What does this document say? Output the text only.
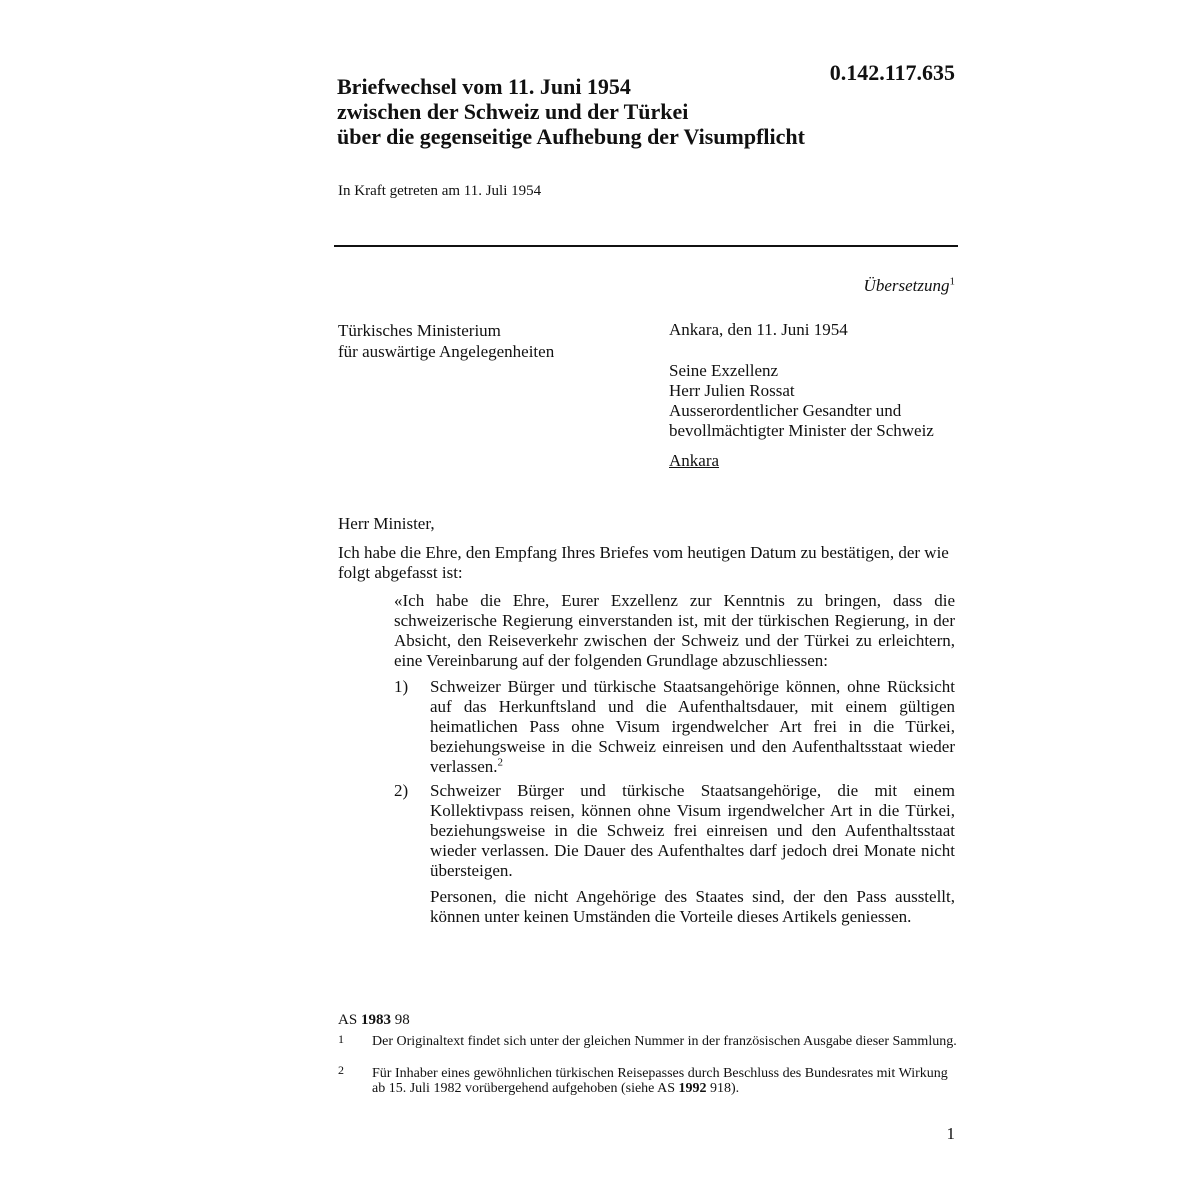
0.142.117.635
Briefwechsel vom 11. Juni 1954
zwischen der Schweiz und der Türkei
über die gegenseitige Aufhebung der Visumpflicht
In Kraft getreten am 11. Juli 1954
Übersetzung$^1$
Türkisches Ministerium
für auswärtige Angelegenheiten
Ankara, den 11. Juni 1954
Seine Exzellenz
Herr Julien Rossat
Ausserordentlicher Gesandter und
bevollmächtigter Minister der Schweiz
Ankara
Herr Minister,
Ich habe die Ehre, den Empfang Ihres Briefes vom heutigen Datum zu bestätigen, der wie folgt abgefasst ist:
«Ich habe die Ehre, Eurer Exzellenz zur Kenntnis zu bringen, dass die schweizerische Regierung einverstanden ist, mit der türkischen Regierung, in der Absicht, den Reiseverkehr zwischen der Schweiz und der Türkei zu erleichtern, eine Vereinbarung auf der folgenden Grundlage abzuschliessen:
1) Schweizer Bürger und türkische Staatsangehörige können, ohne Rücksicht auf das Herkunftsland und die Aufenthaltsdauer, mit einem gültigen heimatlichen Pass ohne Visum irgendwelcher Art frei in die Türkei, beziehungsweise in die Schweiz einreisen und den Aufenthaltsstaat wieder verlassen.$^2$
2) Schweizer Bürger und türkische Staatsangehörige, die mit einem Kollektivpass reisen, können ohne Visum irgendwelcher Art in die Türkei, beziehungsweise in die Schweiz frei einreisen und den Aufenthaltsstaat wieder verlassen. Die Dauer des Aufenthaltes darf jedoch drei Monate nicht übersteigen.
Personen, die nicht Angehörige des Staates sind, der den Pass ausstellt, können unter keinen Umständen die Vorteile dieses Artikels geniessen.
AS 1983 98
1 Der Originaltext findet sich unter der gleichen Nummer in der französischen Ausgabe dieser Sammlung.
2 Für Inhaber eines gewöhnlichen türkischen Reisepasses durch Beschluss des Bundesrates mit Wirkung ab 15. Juli 1982 vorübergehend aufgehoben (siehe AS 1992 918).
1
